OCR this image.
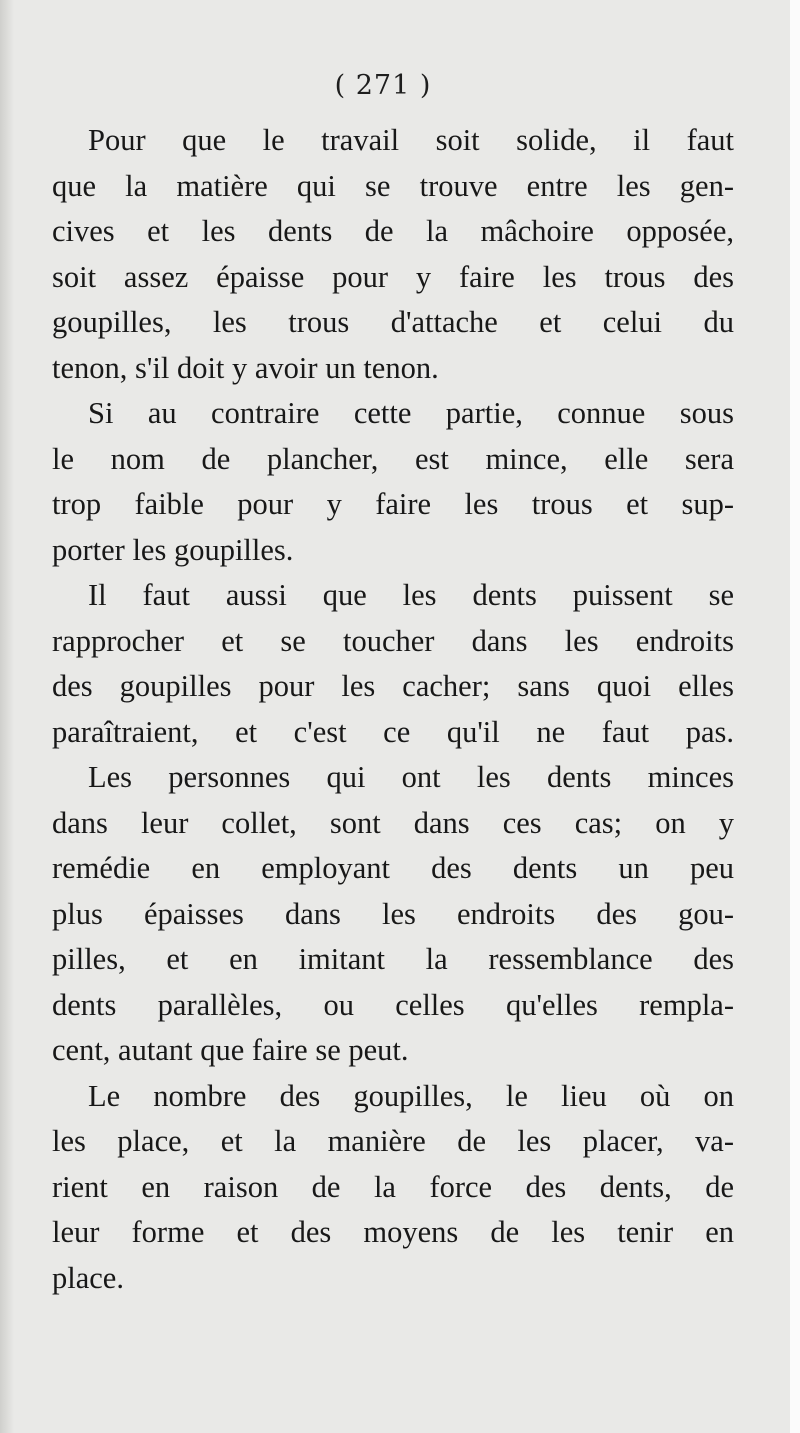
( 271 )

Pour que le travail soit solide, il faut
que la matière qui se trouve entre les gen-
cives et les dents de la mâchoire opposée,
soit assez épaisse pour y faire les trous des
goupilles, les trous d'attache et celui du
tenon, s'il doit y avoir un tenon.

Si au contraire cette partie, connue sous
le nom de plancher, est mince, elle sera
trop faible pour y faire les trous et sup-
porter les goupilles.

Il faut aussi que les dents puissent se
rapprocher et se toucher dans les endroits
des goupilles pour les cacher; sans quoi elles
paraîtraient, et c'est ce qu'il ne faut pas.

Les personnes qui ont les dents minces
dans leur collet, sont dans ces cas; on y
remédie en employant des dents un peu
plus épaisses dans les endroits des gou-
pilles, et en imitant la ressemblance des
dents parallèles, ou celles qu'elles rempla-
cent, autant que faire se peut.

Le nombre des goupilles, le lieu où on
les place, et la manière de les placer, va-
rient en raison de la force des dents, de
leur forme et des moyens de les tenir en
place.
